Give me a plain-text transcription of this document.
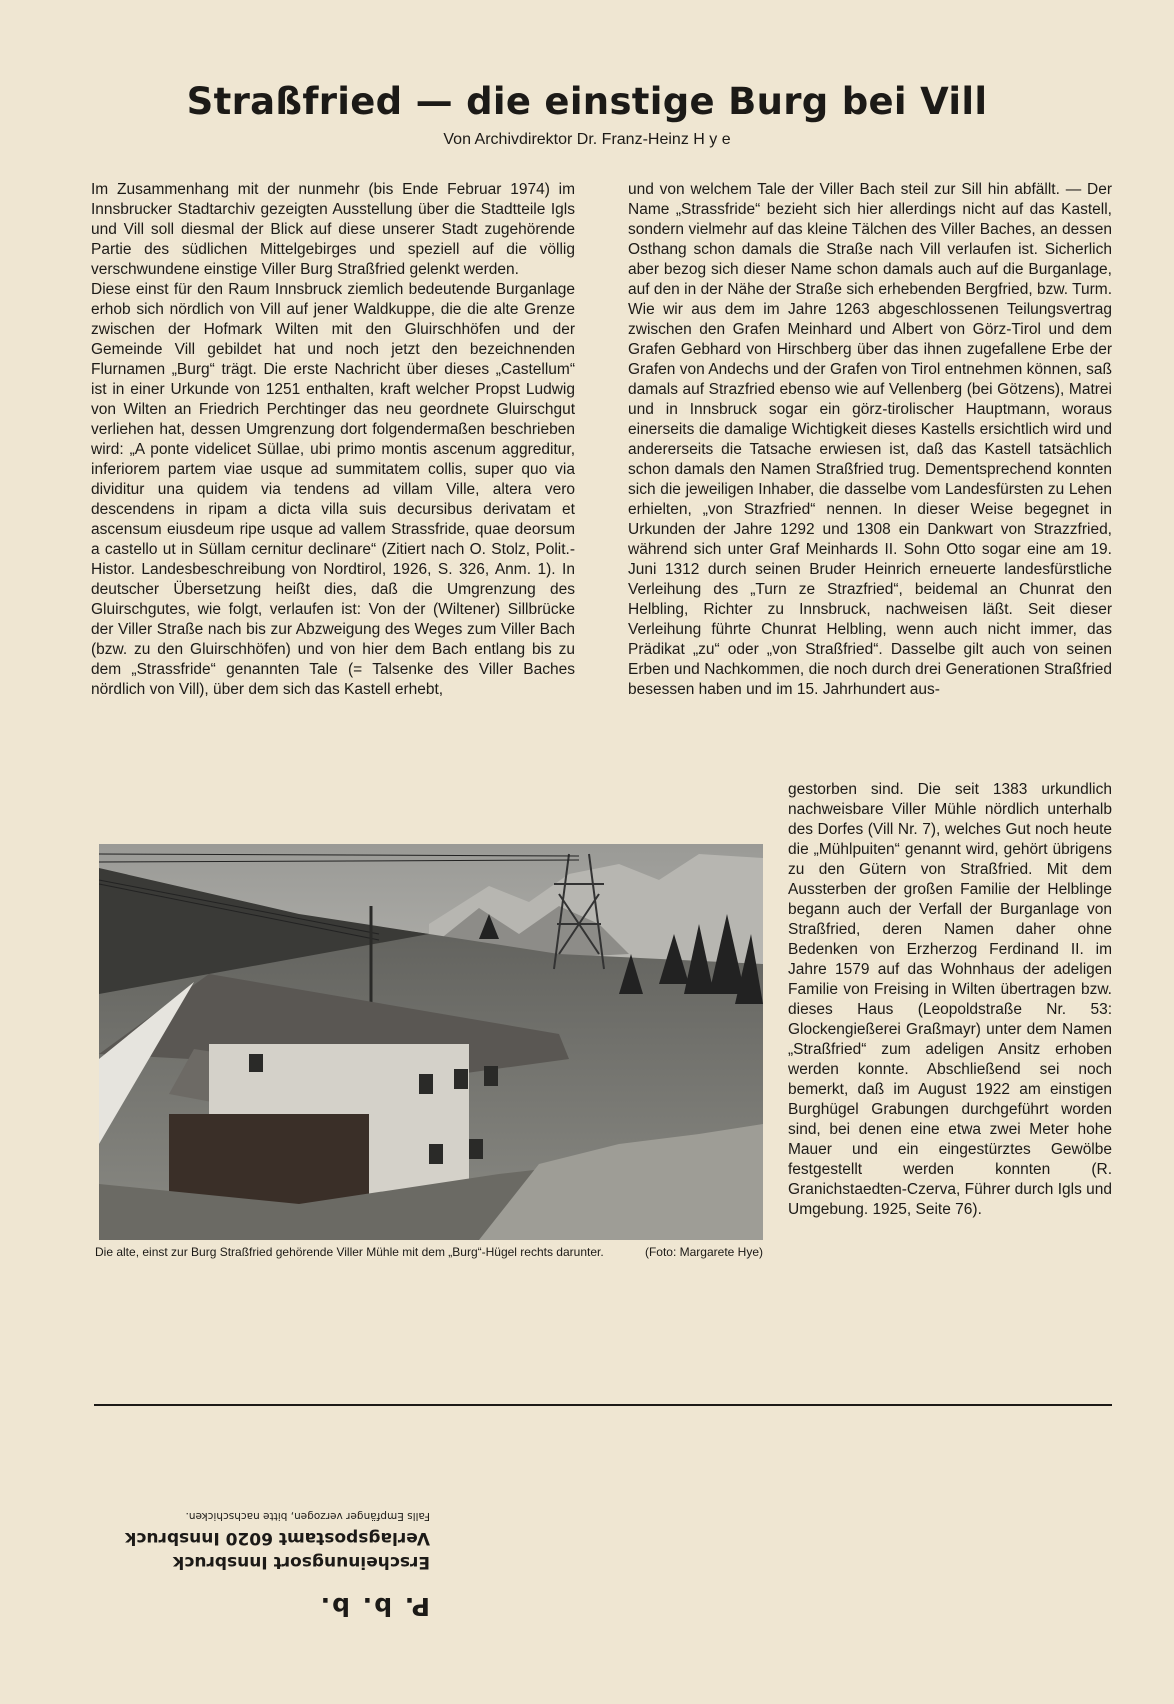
Straßfried — die einstige Burg bei Vill
Von Archivdirektor Dr. Franz-Heinz H y e

Im Zusammenhang mit der nunmehr (bis Ende Februar 1974) im Innsbrucker Stadtarchiv gezeigten Ausstellung über die Stadtteile Igls und Vill soll diesmal der Blick auf diese unserer Stadt zugehörende Partie des südlichen Mittelgebirges und speziell auf die völlig verschwundene einstige Viller Burg Straßfried gelenkt werden.

Diese einst für den Raum Innsbruck ziemlich bedeutende Burganlage erhob sich nördlich von Vill auf jener Waldkuppe, die die alte Grenze zwischen der Hofmark Wilten mit den Gluirschhöfen und der Gemeinde Vill gebildet hat und noch jetzt den bezeichnenden Flurnamen „Burg“ trägt. Die erste Nachricht über dieses „Castellum“ ist in einer Urkunde von 1251 enthalten, kraft welcher Propst Ludwig von Wilten an Friedrich Perchtinger das neu geordnete Gluirschgut verliehen hat, dessen Umgrenzung dort folgendermaßen beschrieben wird: „A ponte videlicet Süllae, ubi primo montis ascenum aggreditur, inferiorem partem viae usque ad summitatem collis, super quo via dividitur una quidem via tendens ad villam Ville, altera vero descendens in ripam a dicta villa suis decursibus derivatam et ascensum eiusdeum ripe usque ad vallem Strassfride, quae deorsum a castello ut in Süllam cernitur declinare“ (Zitiert nach O. Stolz, Polit.-Histor. Landesbeschreibung von Nordtirol, 1926, S. 326, Anm. 1). In deutscher Übersetzung heißt dies, daß die Umgrenzung des Gluirschgutes, wie folgt, verlaufen ist: Von der (Wiltener) Sillbrücke der Viller Straße nach bis zur Abzweigung des Weges zum Viller Bach (bzw. zu den Gluirschhöfen) und von hier dem Bach entlang bis zu dem „Strassfride“ genannten Tale (= Talsenke des Viller Baches nördlich von Vill), über dem sich das Kastell erhebt,

und von welchem Tale der Viller Bach steil zur Sill hin abfällt. — Der Name „Strassfride“ bezieht sich hier allerdings nicht auf das Kastell, sondern vielmehr auf das kleine Tälchen des Viller Baches, an dessen Osthang schon damals die Straße nach Vill verlaufen ist. Sicherlich aber bezog sich dieser Name schon damals auch auf die Burganlage, auf den in der Nähe der Straße sich erhebenden Bergfried, bzw. Turm. Wie wir aus dem im Jahre 1263 abgeschlossenen Teilungsvertrag zwischen den Grafen Meinhard und Albert von Görz-Tirol und dem Grafen Gebhard von Hirschberg über das ihnen zugefallene Erbe der Grafen von Andechs und der Grafen von Tirol entnehmen können, saß damals auf Strazfried ebenso wie auf Vellenberg (bei Götzens), Matrei und in Innsbruck sogar ein görz-tirolischer Hauptmann, woraus einerseits die damalige Wichtigkeit dieses Kastells ersichtlich wird und andererseits die Tatsache erwiesen ist, daß das Kastell tatsächlich schon damals den Namen Straßfried trug. Dementsprechend konnten sich die jeweiligen Inhaber, die dasselbe vom Landesfürsten zu Lehen erhielten, „von Strazfried“ nennen. In dieser Weise begegnet in Urkunden der Jahre 1292 und 1308 ein Dankwart von Strazzfried, während sich unter Graf Meinhards II. Sohn Otto sogar eine am 19. Juni 1312 durch seinen Bruder Heinrich erneuerte landesfürstliche Verleihung des „Turn ze Strazfried“, beidemal an Chunrat den Helbling, Richter zu Innsbruck, nachweisen läßt. Seit dieser Verleihung führte Chunrat Helbling, wenn auch nicht immer, das Prädikat „zu“ oder „von Straßfried“. Dasselbe gilt auch von seinen Erben und Nachkommen, die noch durch drei Generationen Straßfried besessen haben und im 15. Jahrhundert aus-

gestorben sind. Die seit 1383 urkundlich nachweisbare Viller Mühle nördlich unterhalb des Dorfes (Vill Nr. 7), welches Gut noch heute die „Mühlpuiten“ genannt wird, gehört übrigens zu den Gütern von Straßfried. Mit dem Aussterben der großen Familie der Helblinge begann auch der Verfall der Burganlage von Straßfried, deren Namen daher ohne Bedenken von Erzherzog Ferdinand II. im Jahre 1579 auf das Wohnhaus der adeligen Familie von Freising in Wilten übertragen bzw. dieses Haus (Leopoldstraße Nr. 53: Glockengießerei Graßmayr) unter dem Namen „Straßfried“ zum adeligen Ansitz erhoben werden konnte. Abschließend sei noch bemerkt, daß im August 1922 am einstigen Burghügel Grabungen durchgeführt worden sind, bei denen eine etwa zwei Meter hohe Mauer und ein eingestürztes Gewölbe festgestellt werden konnten (R. Granichstaedten-Czerva, Führer durch Igls und Umgebung. 1925, Seite 76).

Die alte, einst zur Burg Straßfried gehörende Viller Mühle mit dem „Burg“-Hügel rechts darunter.	(Foto: Margarete Hye)
P. b. b.
Erscheinungsort Innsbruck
Verlagspostamt 6020 Innsbruck
Falls Empfänger verzogen, bitte nachschicken.
